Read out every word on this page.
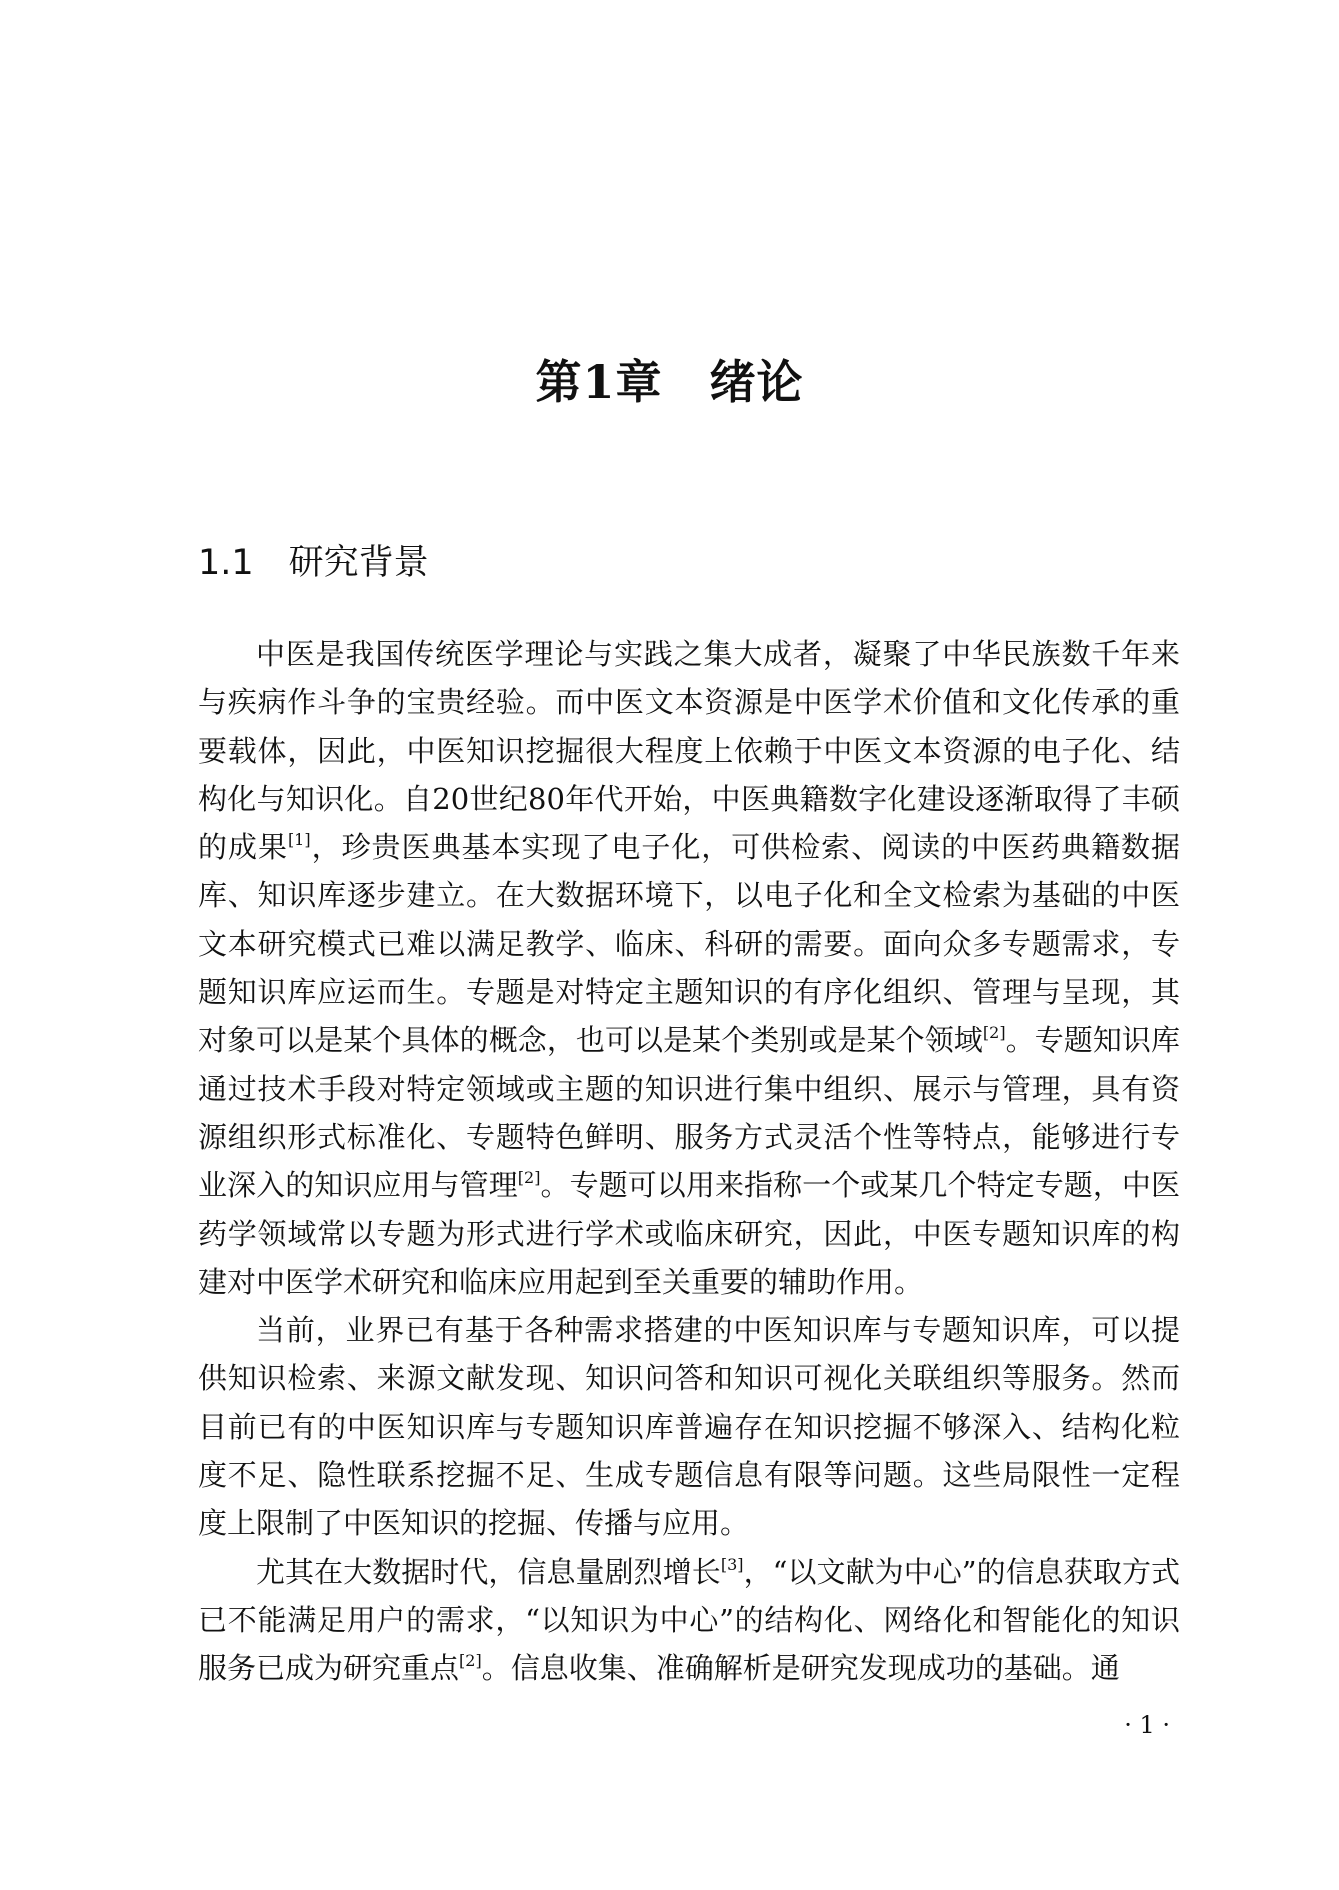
第1章　绪论
1.1　研究背景

中医是我国传统医学理论与实践之集大成者，凝聚了中华民族数千年来与疾病作斗争的宝贵经验。而中医文本资源是中医学术价值和文化传承的重要载体，因此，中医知识挖掘很大程度上依赖于中医文本资源的电子化、结构化与知识化。自20世纪80年代开始，中医典籍数字化建设逐渐取得了丰硕的成果[1]，珍贵医典基本实现了电子化，可供检索、阅读的中医药典籍数据库、知识库逐步建立。在大数据环境下，以电子化和全文检索为基础的中医文本研究模式已难以满足教学、临床、科研的需要。面向众多专题需求，专题知识库应运而生。专题是对特定主题知识的有序化组织、管理与呈现，其对象可以是某个具体的概念，也可以是某个类别或是某个领域[2]。专题知识库通过技术手段对特定领域或主题的知识进行集中组织、展示与管理，具有资源组织形式标准化、专题特色鲜明、服务方式灵活个性等特点，能够进行专业深入的知识应用与管理[2]。专题可以用来指称一个或某几个特定专题，中医药学领域常以专题为形式进行学术或临床研究，因此，中医专题知识库的构建对中医学术研究和临床应用起到至关重要的辅助作用。

当前，业界已有基于各种需求搭建的中医知识库与专题知识库，可以提供知识检索、来源文献发现、知识问答和知识可视化关联组织等服务。然而目前已有的中医知识库与专题知识库普遍存在知识挖掘不够深入、结构化粒度不足、隐性联系挖掘不足、生成专题信息有限等问题。这些局限性一定程度上限制了中医知识的挖掘、传播与应用。

尤其在大数据时代，信息量剧烈增长[3]，“以文献为中心”的信息获取方式已不能满足用户的需求，“以知识为中心”的结构化、网络化和智能化的知识服务已成为研究重点[2]。信息收集、准确解析是研究发现成功的基础。通

· 1 ·
